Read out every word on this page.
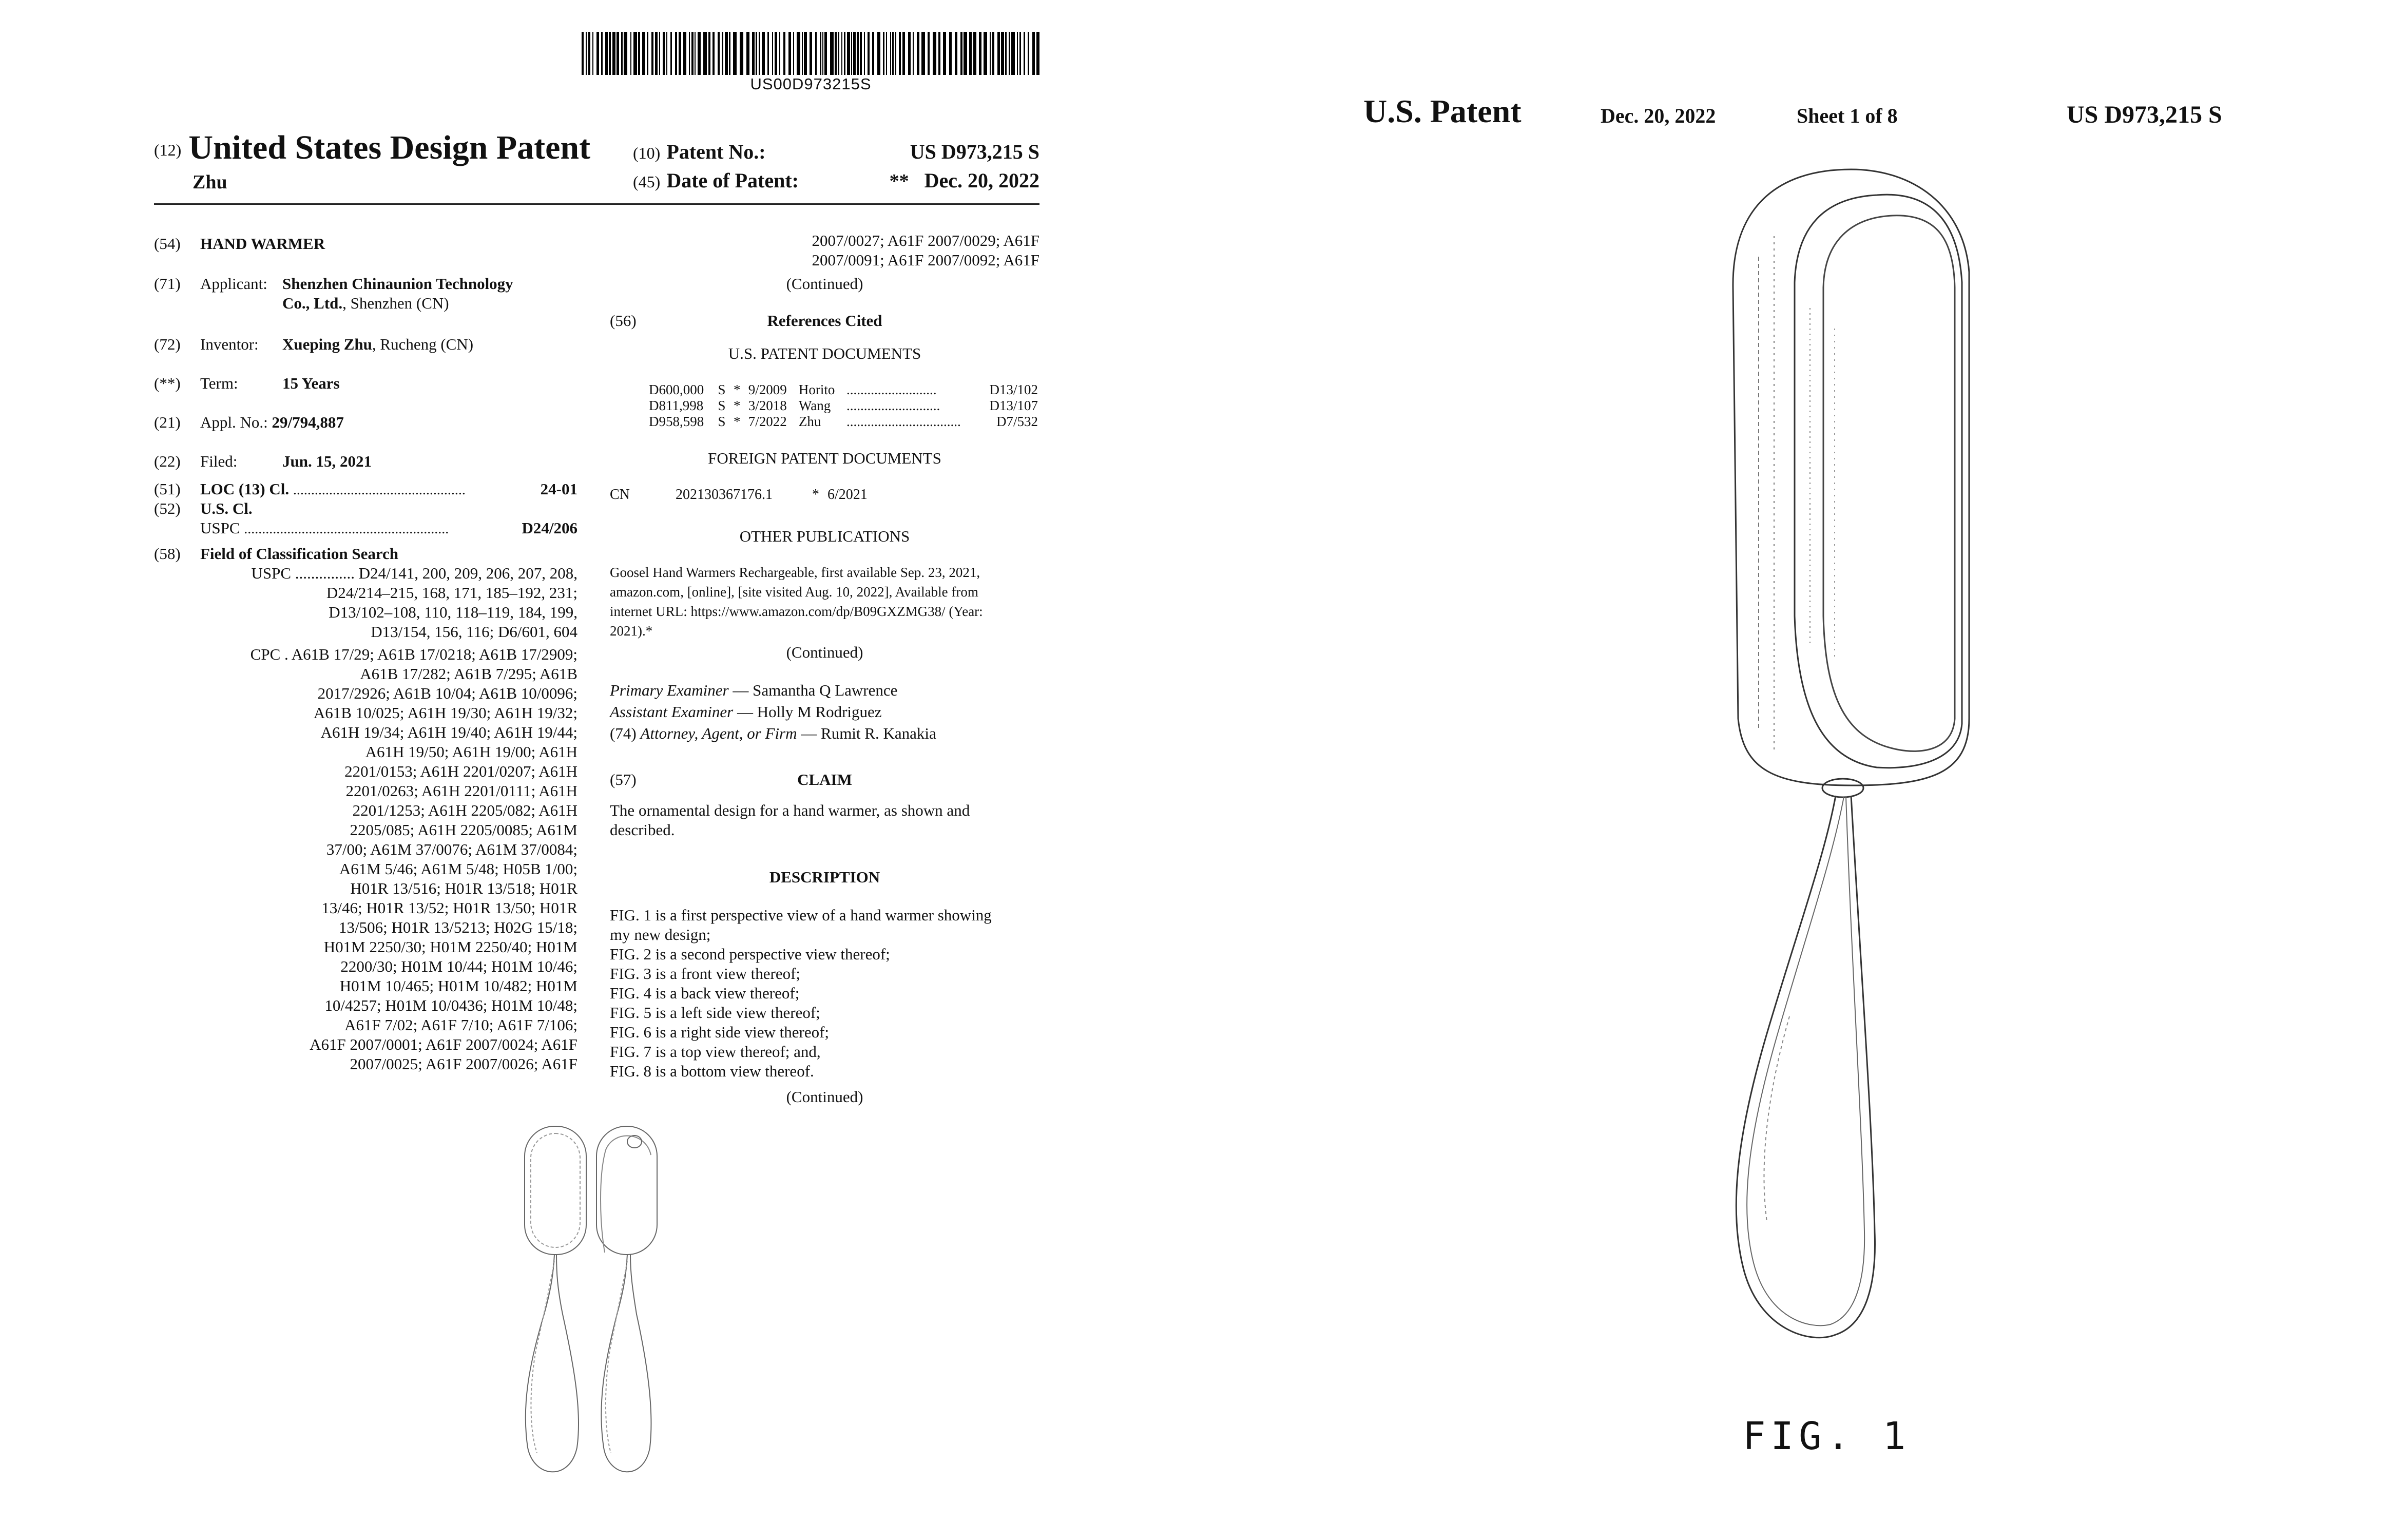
US00D973215S
(12) United States Design Patent
Zhu
(10) Patent No.:	US D973,215 S
(45) Date of Patent:	** Dec. 20, 2022
(54) HAND WARMER
(71) Applicant: Shenzhen Chinaunion Technology
Co., Ltd., Shenzhen (CN)
(72) Inventor: Xueping Zhu, Rucheng (CN)
(**) Term:	15 Years
(21) Appl. No.: 29/794,887
(22) Filed:	Jun. 15, 2021
(51) LOC (13) Cl. ................................................	24-01
(52) U.S. Cl.
USPC .........................................................	D24/206
(58) Field of Classification Search
USPC ............... D24/141, 200, 209, 206, 207, 208,
D24/214–215, 168, 171, 185–192, 231;
D13/102–108, 110, 118–119, 184, 199,
D13/154, 156, 116; D6/601, 604
CPC . A61B 17/29; A61B 17/0218; A61B 17/2909;
A61B 17/282; A61B 7/295; A61B
2017/2926; A61B 10/04; A61B 10/0096;
A61B 10/025; A61H 19/30; A61H 19/32;
A61H 19/34; A61H 19/40; A61H 19/44;
A61H 19/50; A61H 19/00; A61H
2201/0153; A61H 2201/0207; A61H
2201/0263; A61H 2201/0111; A61H
2201/1253; A61H 2205/082; A61H
2205/085; A61H 2205/0085; A61M
37/00; A61M 37/0076; A61M 37/0084;
A61M 5/46; A61M 5/48; H05B 1/00;
H01R 13/516; H01R 13/518; H01R
13/46; H01R 13/52; H01R 13/50; H01R
13/506; H01R 13/5213; H02G 15/18;
H01M 2250/30; H01M 2250/40; H01M
2200/30; H01M 10/44; H01M 10/46;
H01M 10/465; H01M 10/482; H01M
10/4257; H01M 10/0436; H01M 10/48;
A61F 7/02; A61F 7/10; A61F 7/106;
A61F 2007/0001; A61F 2007/0024; A61F
2007/0025; A61F 2007/0026; A61F
2007/0027; A61F 2007/0029; A61F
2007/0091; A61F 2007/0092; A61F
(Continued)
(56)	References Cited
U.S. PATENT DOCUMENTS
D600,000	S	*	9/2009	Horito	..........................	D13/102
D811,998	S	*	3/2018	Wang	...........................	D13/107
D958,598	S	*	7/2022	Zhu	.................................	D7/532
FOREIGN PATENT DOCUMENTS
CN	202130367176.1	* 6/2021
OTHER PUBLICATIONS
Goosel Hand Warmers Rechargeable, first available Sep. 23, 2021,
amazon.com, [online], [site visited Aug. 10, 2022], Available from
internet URL: https://www.amazon.com/dp/B09GXZMG38/ (Year:
2021).*
(Continued)
Primary Examiner — Samantha Q Lawrence
Assistant Examiner — Holly M Rodriguez
(74) Attorney, Agent, or Firm — Rumit R. Kanakia
(57)	CLAIM
The ornamental design for a hand warmer, as shown and
described.
DESCRIPTION
FIG. 1 is a first perspective view of a hand warmer showing
my new design;
FIG. 2 is a second perspective view thereof;
FIG. 3 is a front view thereof;
FIG. 4 is a back view thereof;
FIG. 5 is a left side view thereof;
FIG. 6 is a right side view thereof;
FIG. 7 is a top view thereof; and,
FIG. 8 is a bottom view thereof.
(Continued)
U.S. Patent	Dec. 20, 2022	Sheet 1 of 8	US D973,215 S
FIG. 1
